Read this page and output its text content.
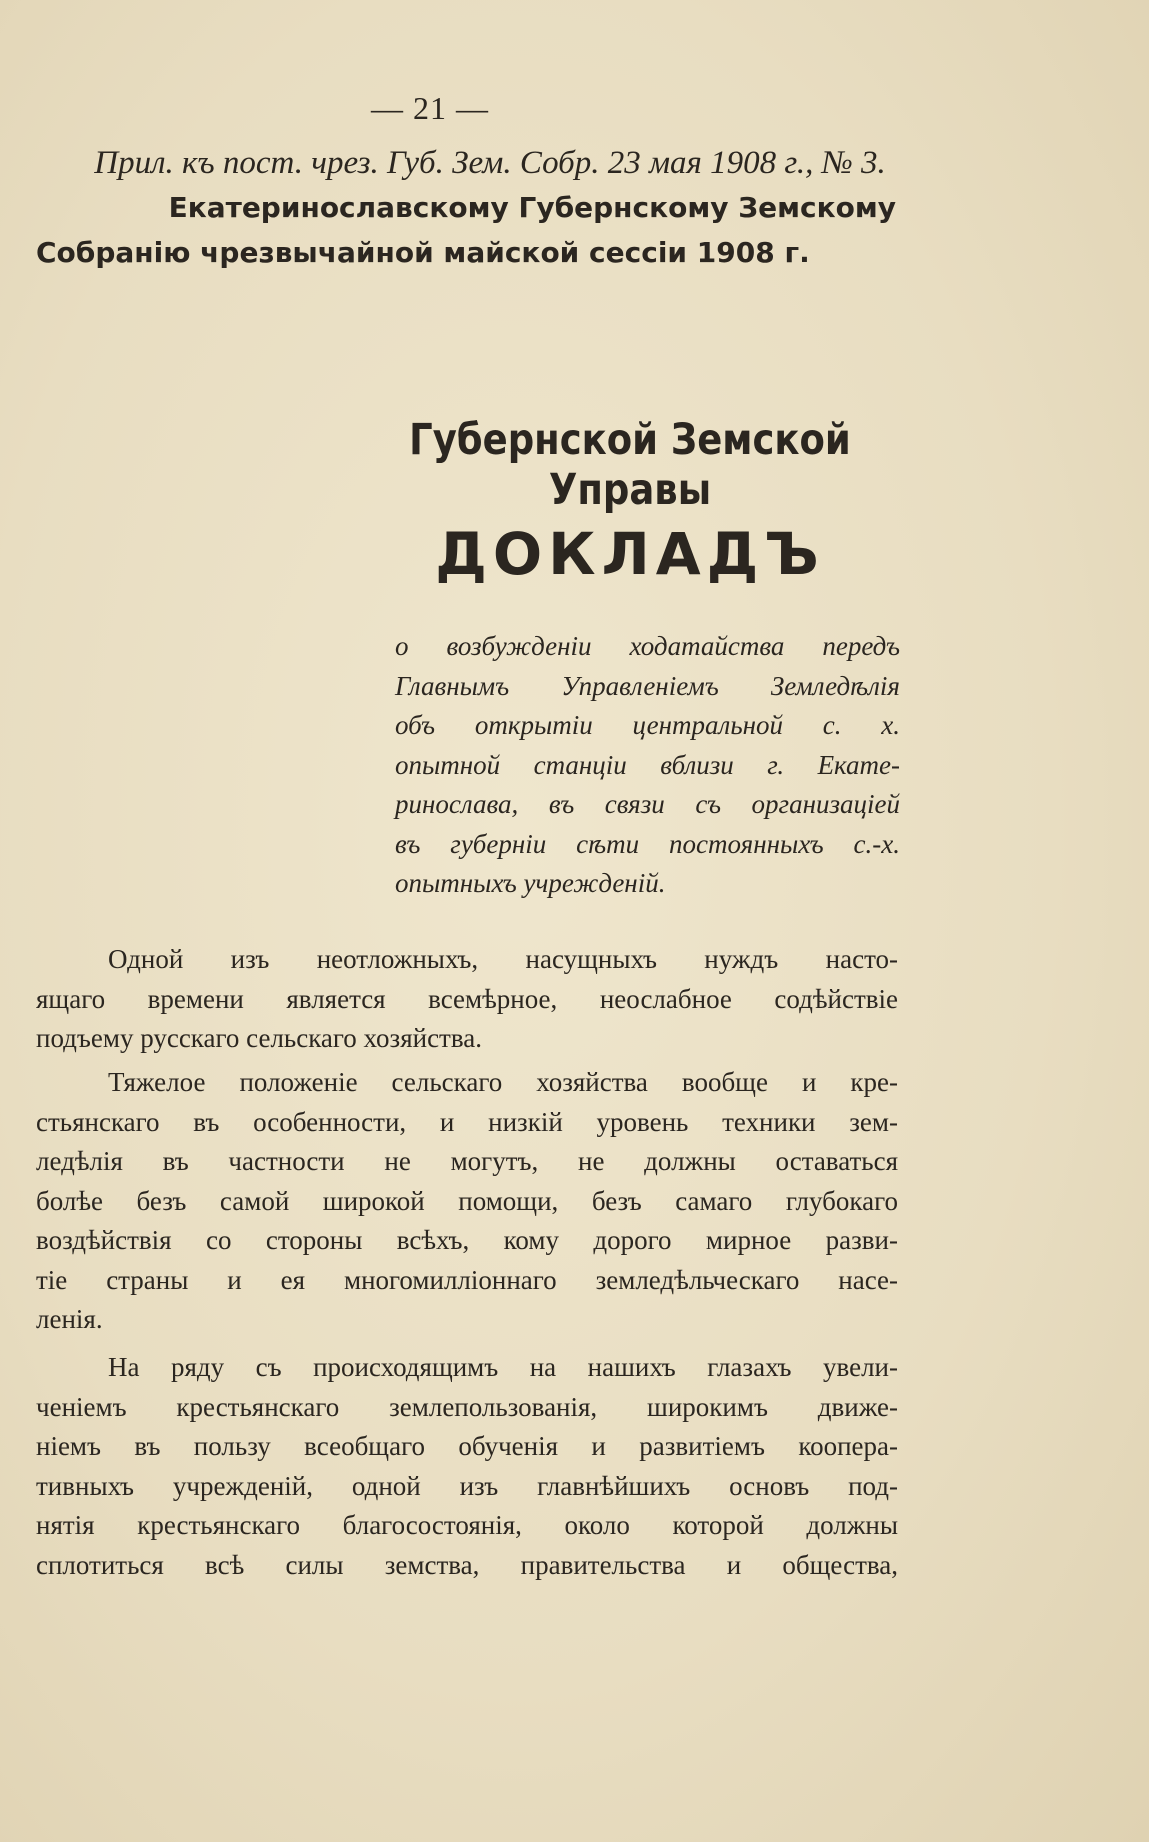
— 21 —
Прил. къ пост. чрез. Губ. Зем. Собр. 23 мая 1908 г., № 3.
Екатеринославскому Губернскому Земскому
Собранію чрезвычайной майской сессіи 1908 г.
Губернской Земской Управы
ДОКЛАДЪ
о возбужденіи ходатайства передъ
Главнымъ Управленіемъ Земледѣлія
объ открытіи центральной с. х.
опытной станціи вблизи г. Екате-
ринослава, въ связи съ организаціей
въ губерніи сѣти постоянныхъ с.-х.
опытныхъ учрежденій.
Одной изъ неотложныхъ, насущныхъ нуждъ насто-
ящаго времени является всемѣрное, неослабное содѣйствіе
подъему русскаго сельскаго хозяйства.
Тяжелое положеніе сельскаго хозяйства вообще и кре-
стьянскаго въ особенности, и низкій уровень техники зем-
ледѣлія въ частности не могутъ, не должны оставаться
болѣе безъ самой широкой помощи, безъ самаго глубокаго
воздѣйствія со стороны всѣхъ, кому дорого мирное разви-
тіе страны и ея многомилліоннаго земледѣльческаго насе-
ленія.
На ряду съ происходящимъ на нашихъ глазахъ увели-
ченіемъ крестьянскаго землепользованія, широкимъ движе-
ніемъ въ пользу всеобщаго обученія и развитіемъ коопера-
тивныхъ учрежденій, одной изъ главнѣйшихъ основъ под-
нятія крестьянскаго благосостоянія, около которой должны
сплотиться всѣ силы земства, правительства и общества,
